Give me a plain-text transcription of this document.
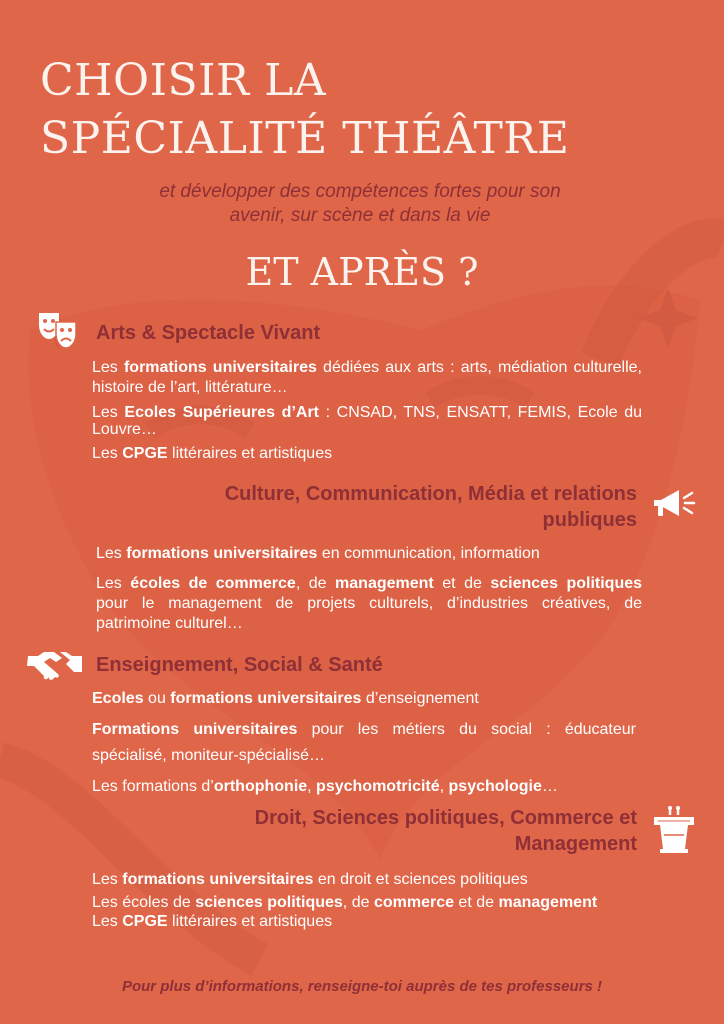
CHOISIR LA
SPÉCIALITÉ THÉÂTRE
et développer des compétences fortes pour son
avenir, sur scène et dans la vie
ET APRÈS ?
Arts & Spectacle Vivant

Les formations universitaires dédiées aux arts : arts, médiation culturelle, histoire de l’art, littérature…

Les Ecoles Supérieures d’Art : CNSAD, TNS, ENSATT, FEMIS, Ecole du Louvre…

Les CPGE littéraires et artistiques

Culture, Communication, Média et relations publiques

Les formations universitaires en communication, information

Les écoles de commerce, de management et de sciences politiques pour le management de projets culturels, d’industries créatives, de patrimoine culturel…

Enseignement, Social & Santé

Ecoles ou formations universitaires d’enseignement

Formations universitaires pour les métiers du social : éducateur spécialisé, moniteur-spécialisé…

Les formations d’orthophonie, psychomotricité, psychologie…

Droit, Sciences politiques, Commerce et Management

Les formations universitaires en droit et sciences politiques

Les écoles de sciences politiques, de commerce et de management

Les CPGE littéraires et artistiques

Pour plus d’informations, renseigne-toi auprès de tes professeurs !
